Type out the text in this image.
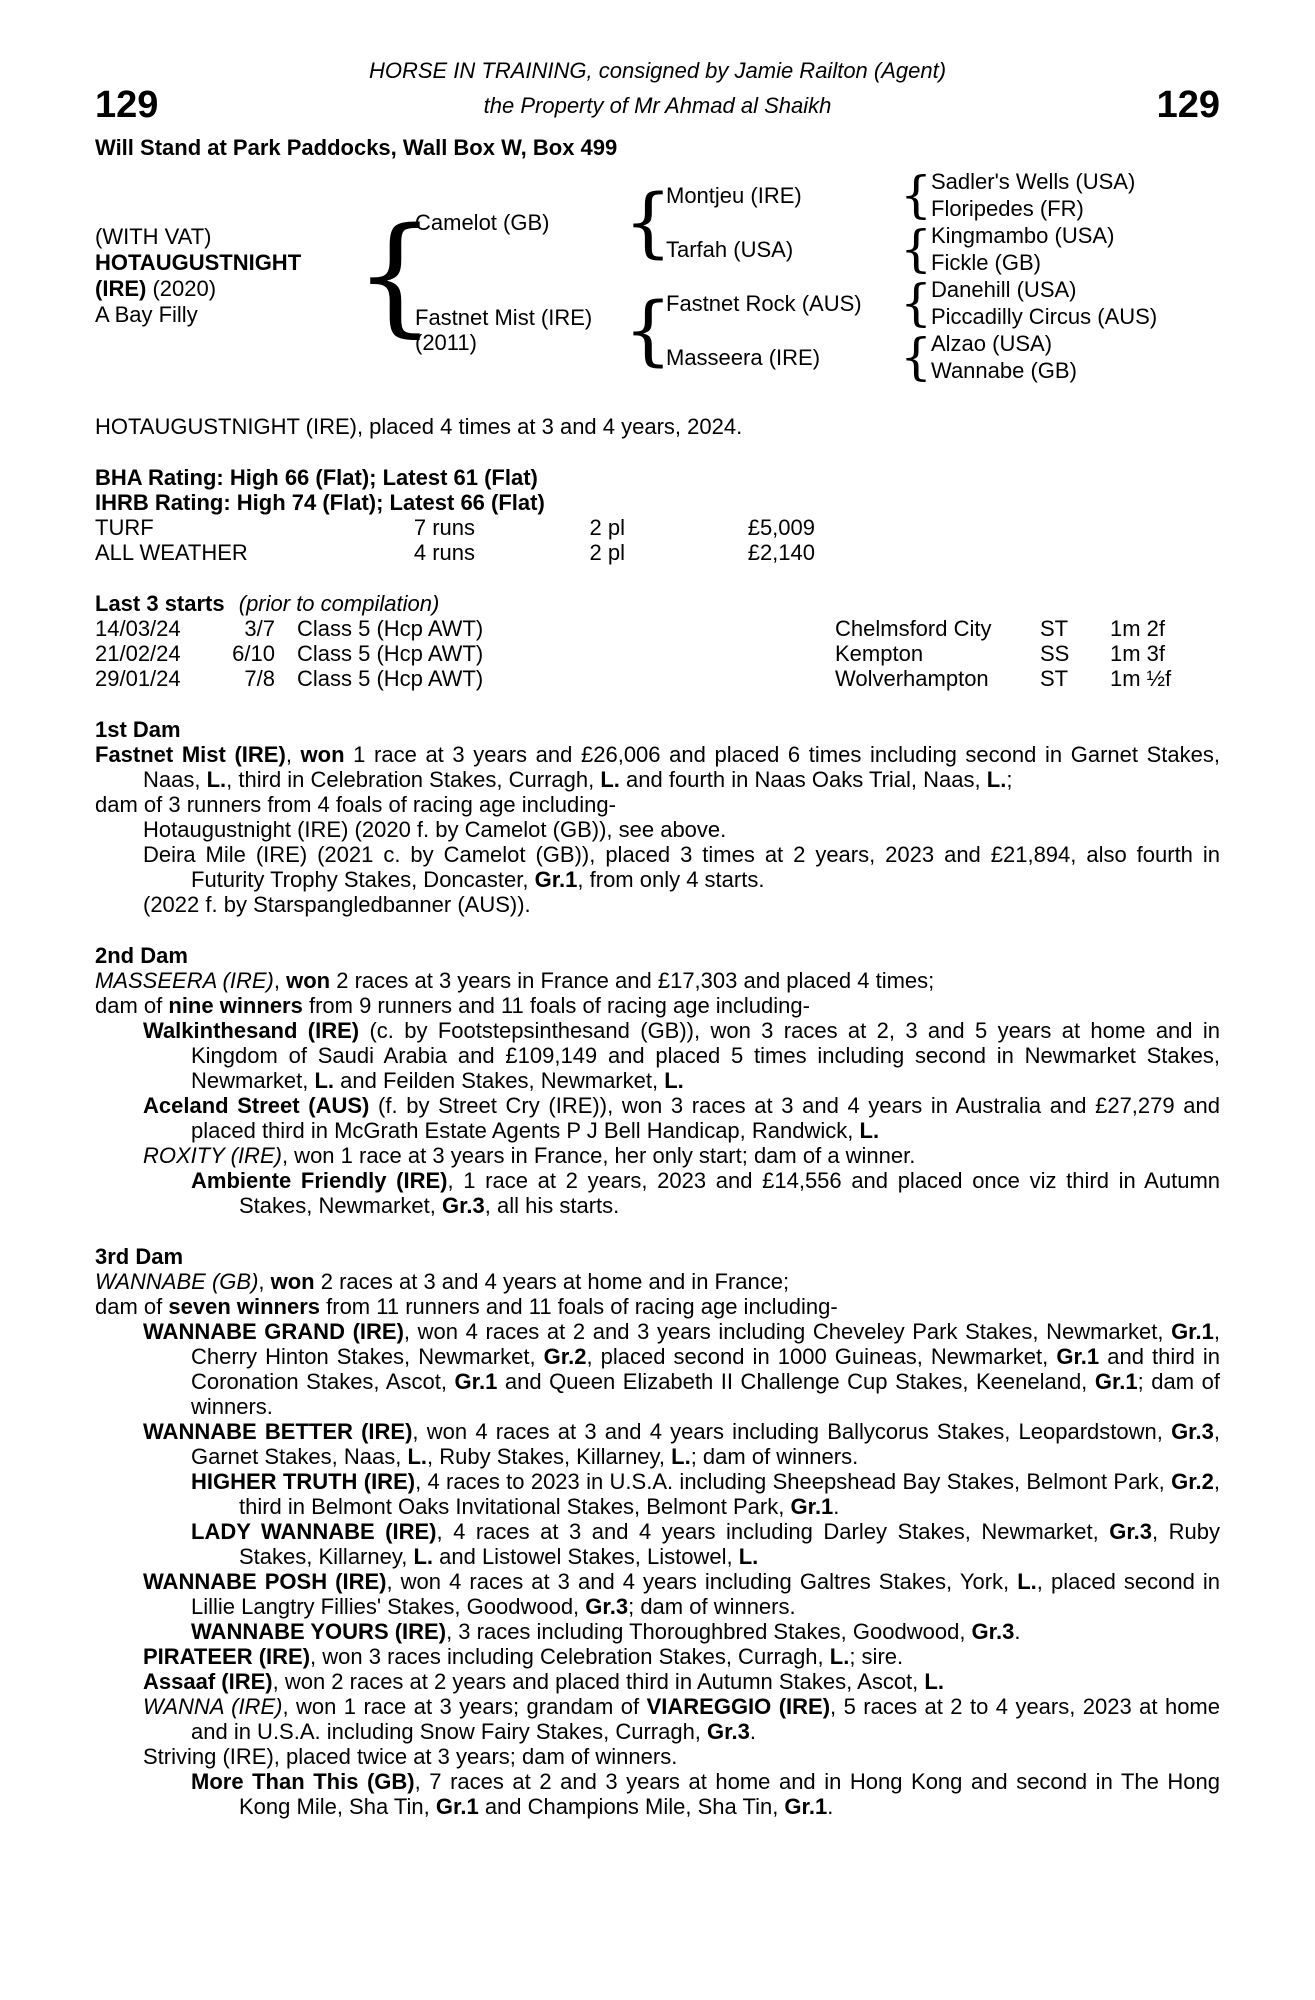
HORSE IN TRAINING, consigned by Jamie Railton (Agent)
129	the Property of Mr Ahmad al Shaikh	129
Will Stand at Park Paddocks, Wall Box W, Box 499
(WITH VAT)
HOTAUGUSTNIGHT
(IRE) (2020)
A Bay Filly
{
Camelot (GB)
Fastnet Mist (IRE)
(2011)
{
{
Montjeu (IRE)
Tarfah (USA)
Fastnet Rock (AUS)
Masseera (IRE)
{
{
{
{
Sadler's Wells (USA)
Floripedes (FR)
Kingmambo (USA)
Fickle (GB)
Danehill (USA)
Piccadilly Circus (AUS)
Alzao (USA)
Wannabe (GB)
HOTAUGUSTNIGHT (IRE), placed 4 times at 3 and 4 years, 2024.
BHA Rating: High 66 (Flat); Latest 61 (Flat)
IHRB Rating: High 74 (Flat); Latest 66 (Flat)
TURF	7 runs	2 pl	£5,009
ALL WEATHER	4 runs	2 pl	£2,140
Last 3 starts (prior to compilation)
14/03/24	3/7	Class 5 (Hcp AWT)	Chelmsford City	ST	1m 2f
21/02/24	6/10	Class 5 (Hcp AWT)	Kempton	SS	1m 3f
29/01/24	7/8	Class 5 (Hcp AWT)	Wolverhampton	ST	1m ½f
1st Dam

Fastnet Mist (IRE), won 1 race at 3 years and £26,006 and placed 6 times including second in Garnet Stakes, Naas, L., third in Celebration Stakes, Curragh, L. and fourth in Naas Oaks Trial, Naas, L.;

dam of 3 runners from 4 foals of racing age including-

Hotaugustnight (IRE) (2020 f. by Camelot (GB)), see above.

Deira Mile (IRE) (2021 c. by Camelot (GB)), placed 3 times at 2 years, 2023 and £21,894, also fourth in Futurity Trophy Stakes, Doncaster, Gr.1, from only 4 starts.

(2022 f. by Starspangledbanner (AUS)).

2nd Dam

MASSEERA (IRE), won 2 races at 3 years in France and £17,303 and placed 4 times;

dam of nine winners from 9 runners and 11 foals of racing age including-

Walkinthesand (IRE) (c. by Footstepsinthesand (GB)), won 3 races at 2, 3 and 5 years at home and in Kingdom of Saudi Arabia and £109,149 and placed 5 times including second in Newmarket Stakes, Newmarket, L. and Feilden Stakes, Newmarket, L.

Aceland Street (AUS) (f. by Street Cry (IRE)), won 3 races at 3 and 4 years in Australia and £27,279 and placed third in McGrath Estate Agents P J Bell Handicap, Randwick, L.

ROXITY (IRE), won 1 race at 3 years in France, her only start; dam of a winner.

Ambiente Friendly (IRE), 1 race at 2 years, 2023 and £14,556 and placed once viz third in Autumn Stakes, Newmarket, Gr.3, all his starts.

3rd Dam

WANNABE (GB), won 2 races at 3 and 4 years at home and in France;

dam of seven winners from 11 runners and 11 foals of racing age including-

WANNABE GRAND (IRE), won 4 races at 2 and 3 years including Cheveley Park Stakes, Newmarket, Gr.1, Cherry Hinton Stakes, Newmarket, Gr.2, placed second in 1000 Guineas, Newmarket, Gr.1 and third in Coronation Stakes, Ascot, Gr.1 and Queen Elizabeth II Challenge Cup Stakes, Keeneland, Gr.1; dam of winners.

WANNABE BETTER (IRE), won 4 races at 3 and 4 years including Ballycorus Stakes, Leopardstown, Gr.3, Garnet Stakes, Naas, L., Ruby Stakes, Killarney, L.; dam of winners.

HIGHER TRUTH (IRE), 4 races to 2023 in U.S.A. including Sheepshead Bay Stakes, Belmont Park, Gr.2, third in Belmont Oaks Invitational Stakes, Belmont Park, Gr.1.

LADY WANNABE (IRE), 4 races at 3 and 4 years including Darley Stakes, Newmarket, Gr.3, Ruby Stakes, Killarney, L. and Listowel Stakes, Listowel, L.

WANNABE POSH (IRE), won 4 races at 3 and 4 years including Galtres Stakes, York, L., placed second in Lillie Langtry Fillies' Stakes, Goodwood, Gr.3; dam of winners.

WANNABE YOURS (IRE), 3 races including Thoroughbred Stakes, Goodwood, Gr.3.

PIRATEER (IRE), won 3 races including Celebration Stakes, Curragh, L.; sire.

Assaaf (IRE), won 2 races at 2 years and placed third in Autumn Stakes, Ascot, L.

WANNA (IRE), won 1 race at 3 years; grandam of VIAREGGIO (IRE), 5 races at 2 to 4 years, 2023 at home and in U.S.A. including Snow Fairy Stakes, Curragh, Gr.3.

Striving (IRE), placed twice at 3 years; dam of winners.

More Than This (GB), 7 races at 2 and 3 years at home and in Hong Kong and second in The Hong Kong Mile, Sha Tin, Gr.1 and Champions Mile, Sha Tin, Gr.1.
